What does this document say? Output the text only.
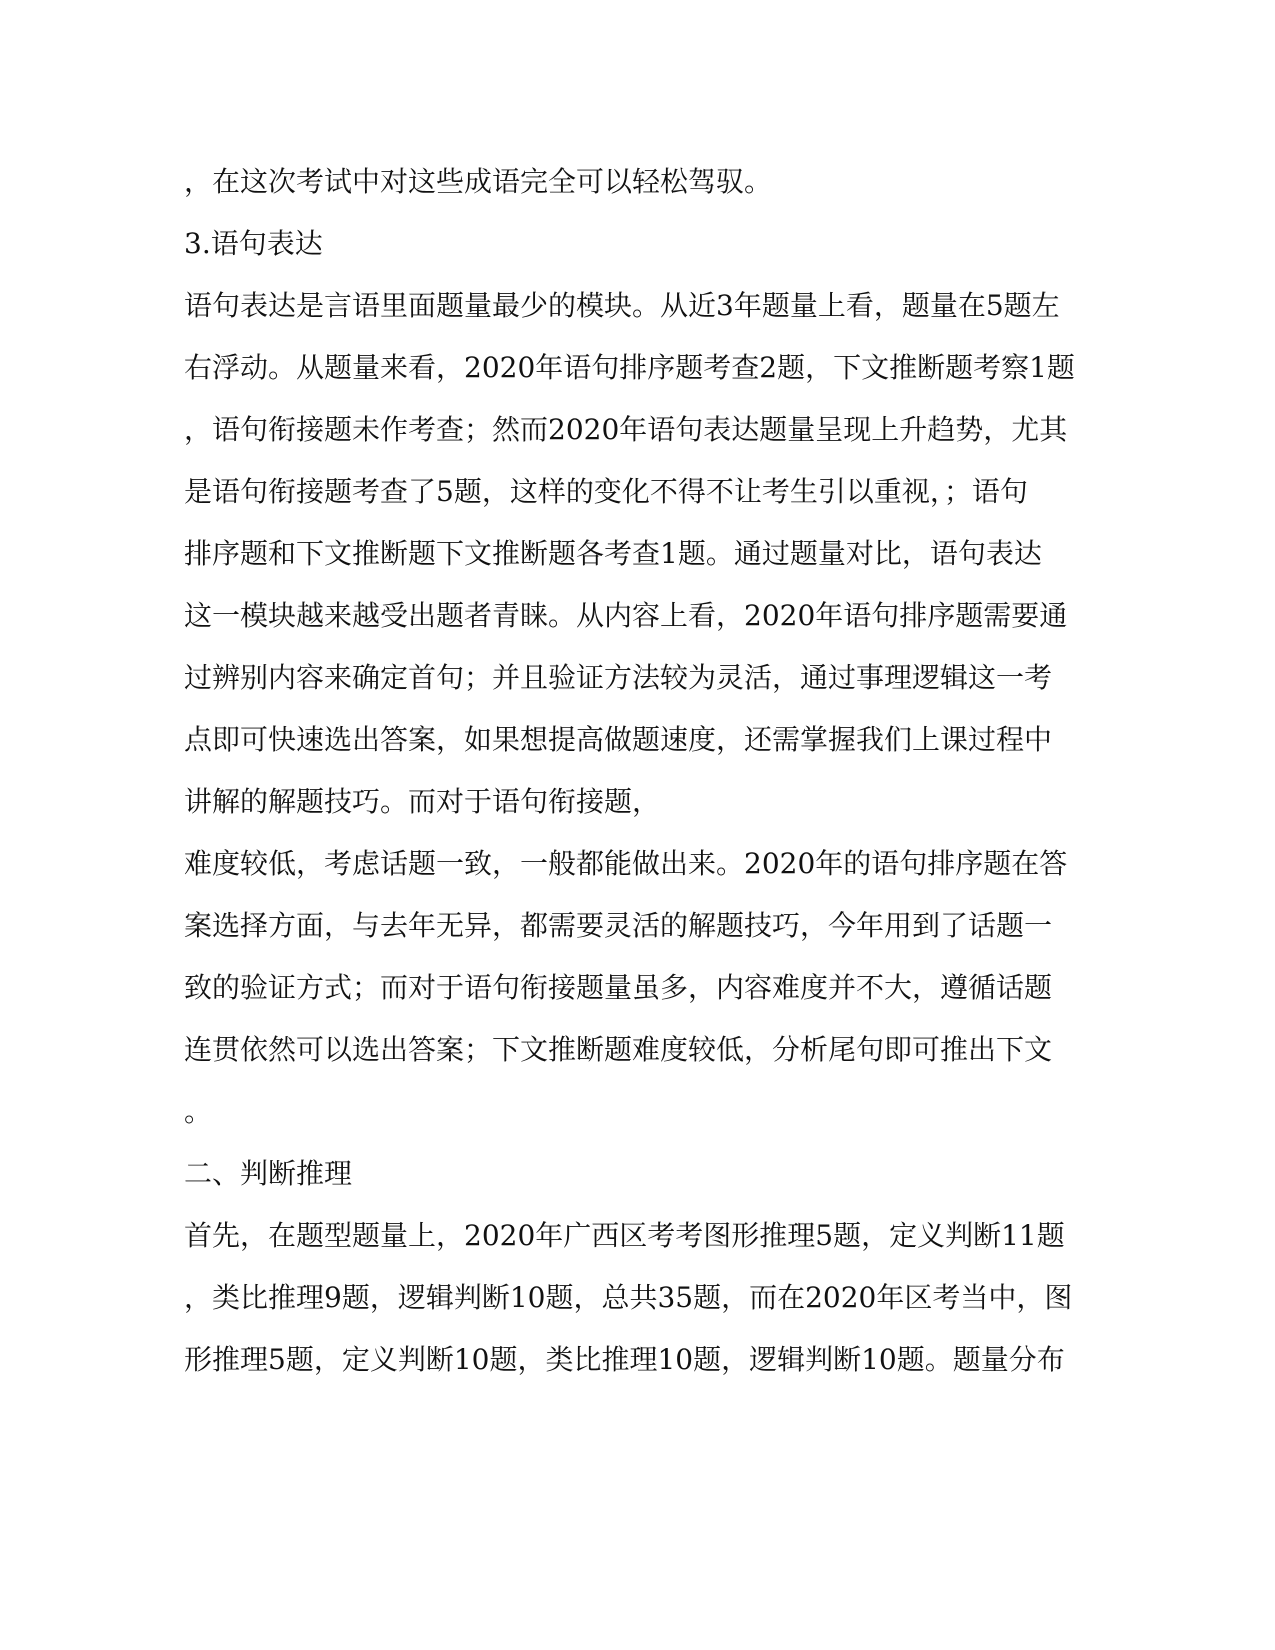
，在这次考试中对这些成语完全可以轻松驾驭。
3.语句表达
语句表达是言语里面题量最少的模块。从近3年题量上看，题量在5题左
右浮动。从题量来看，2020年语句排序题考查2题，下文推断题考察1题
，语句衔接题未作考查；然而2020年语句表达题量呈现上升趋势，尤其
是语句衔接题考查了5题，这样的变化不得不让考生引以重视，；语句
排序题和下文推断题下文推断题各考查1题。通过题量对比，语句表达
这一模块越来越受出题者青睐。从内容上看，2020年语句排序题需要通
过辨别内容来确定首句；并且验证方法较为灵活，通过事理逻辑这一考
点即可快速选出答案，如果想提高做题速度，还需掌握我们上课过程中
讲解的解题技巧。而对于语句衔接题，
难度较低，考虑话题一致，一般都能做出来。2020年的语句排序题在答
案选择方面，与去年无异，都需要灵活的解题技巧，今年用到了话题一
致的验证方式；而对于语句衔接题量虽多，内容难度并不大，遵循话题
连贯依然可以选出答案；下文推断题难度较低，分析尾句即可推出下文
。
二、判断推理
首先，在题型题量上，2020年广西区考考图形推理5题，定义判断11题
，类比推理9题，逻辑判断10题，总共35题，而在2020年区考当中，图
形推理5题，定义判断10题，类比推理10题，逻辑判断10题。题量分布
